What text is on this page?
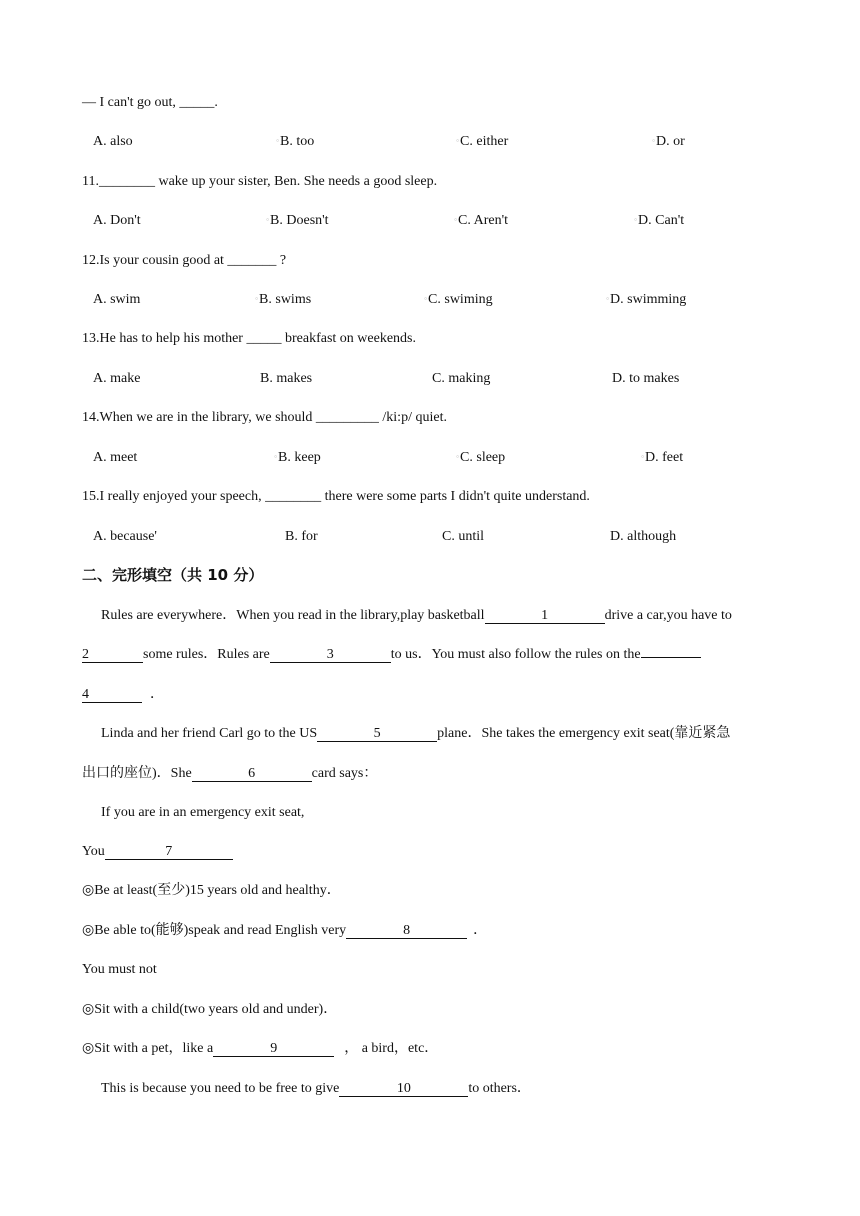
— I can't go out, _____.
A. also	○B. too	○C. either	○D. or
11.________ wake up your sister, Ben. She needs a good sleep.
A. Don't	○B. Doesn't	○C. Aren't	○D. Can't
12.Is your cousin good at _______ ?
A. swim	○B. swims	○C. swiming	○D. swimming
13.He has to help his mother _____ breakfast on weekends.
A. make	B. makes	C. making	D. to makes
14.When we are in the library, we should _________ /ki:p/ quiet.
A. meet	○B. keep	○C. sleep	○D. feet
15.I really enjoyed your speech, ________ there were some parts I didn't quite understand.
A. because'	B. for	C. until	D. although
二、完形填空（共 10 分）
Rules are everywhere．When you read in the library,play basketball	1	drive a car,you have to
2	some rules．Rules are	3	to us．You must also follow the rules on the
4	．
Linda and her friend Carl go to the US	5	plane．She takes the emergency exit seat(靠近紧急
出口的座位)．She	6	card says：
If you are in an emergency exit seat,
You	7
◎Be at least(至少)15 years old and healthy．
◎Be able to(能够)speak and read English very	8	．
You must not
◎Sit with a child(two years old and under)．
◎Sit with a pet，like a	9	， a bird，etc．
This is because you need to be free to give	10	to others．
